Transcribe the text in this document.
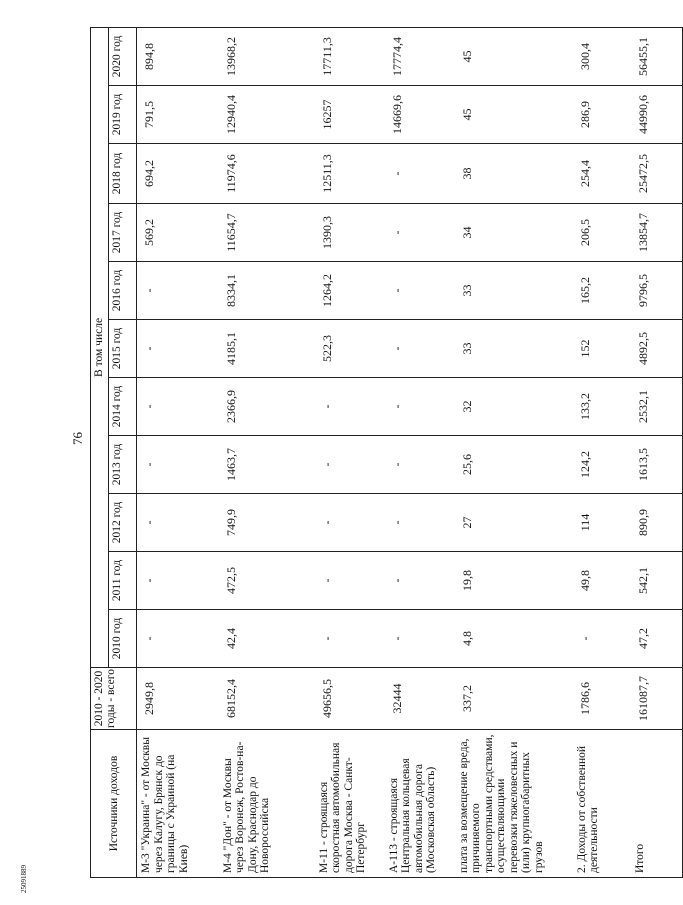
76
25091889
Источники доходов	2010 - 2020 годы - всего	В том числе										
		2010 год	2011 год	2012 год	2013 год	2014 год	2015 год	2016 год	2017 год	2018 год	2019 год	2020 год
М-3 "Украина" - от Москвы через Калугу, Брянск до границы с Украиной (на Киев)	2949,8	-	-	-	-	-	-	-	569,2	694,2	791,5	894,8
М-4 "Дон" - от Москвы через Воронеж, Ростов-на-Дону, Краснодар до Новороссийска	68152,4	42,4	472,5	749,9	1463,7	2366,9	4185,1	8334,1	11654,7	11974,6	12940,4	13968,2
М-11 - строящаяся скоростная автомобильная дорога Москва - Санкт-Петербург	49656,5	-	-	-	-	-	522,3	1264,2	1390,3	12511,3	16257	17711,3
А-113 - строящаяся Центральная кольцевая автомобильная дорога (Московская область)	32444	-	-	-	-	-	-	-	-	-	14669,6	17774,4
плата за возмещение вреда, причиняемого транспортными средствами, осуществляющими перевозки тяжеловесных и (или) крупногабаритных грузов	337,2	4,8	19,8	27	25,6	32	33	33	34	38	45	45
2. Доходы от собственной деятельности	1786,6	-	49,8	114	124,2	133,2	152	165,2	206,5	254,4	286,9	300,4
Итого	161087,7	47,2	542,1	890,9	1613,5	2532,1	4892,5	9796,5	13854,7	25472,5	44990,6	56455,1
